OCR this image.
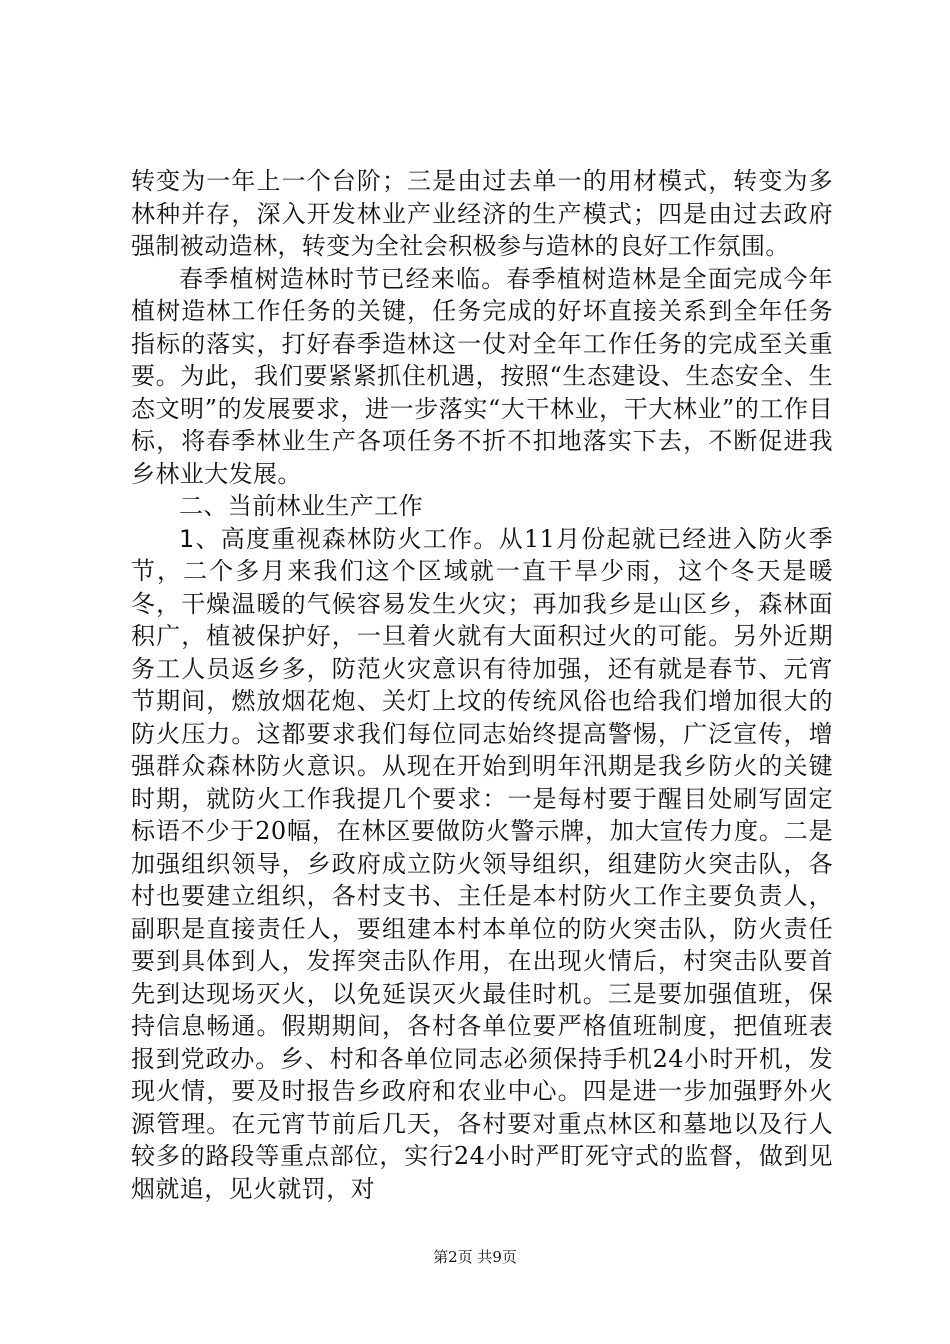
转变为一年上一个台阶；三是由过去单一的用材模式，转变为多林种并存，深入开发林业产业经济的生产模式；四是由过去政府强制被动造林，转变为全社会积极参与造林的良好工作氛围。

春季植树造林时节已经来临。春季植树造林是全面完成今年植树造林工作任务的关键，任务完成的好坏直接关系到全年任务指标的落实，打好春季造林这一仗对全年工作任务的完成至关重要。为此，我们要紧紧抓住机遇，按照“生态建设、生态安全、生态文明”的发展要求，进一步落实“大干林业，干大林业”的工作目标，将春季林业生产各项任务不折不扣地落实下去，不断促进我乡林业大发展。

二、当前林业生产工作

1、高度重视森林防火工作。从11月份起就已经进入防火季节，二个多月来我们这个区域就一直干旱少雨，这个冬天是暖冬，干燥温暖的气候容易发生火灾；再加我乡是山区乡，森林面积广，植被保护好，一旦着火就有大面积过火的可能。另外近期务工人员返乡多，防范火灾意识有待加强，还有就是春节、元宵节期间，燃放烟花炮、关灯上坟的传统风俗也给我们增加很大的防火压力。这都要求我们每位同志始终提高警惕，广泛宣传，增强群众森林防火意识。从现在开始到明年汛期是我乡防火的关键时期，就防火工作我提几个要求：一是每村要于醒目处刷写固定标语不少于20幅，在林区要做防火警示牌，加大宣传力度。二是加强组织领导，乡政府成立防火领导组织，组建防火突击队，各村也要建立组织，各村支书、主任是本村防火工作主要负责人，副职是直接责任人，要组建本村本单位的防火突击队，防火责任要到具体到人，发挥突击队作用，在出现火情后，村突击队要首先到达现场灭火，以免延误灭火最佳时机。三是要加强值班，保持信息畅通。假期期间，各村各单位要严格值班制度，把值班表报到党政办。乡、村和各单位同志必须保持手机24小时开机，发现火情，要及时报告乡政府和农业中心。四是进一步加强野外火源管理。在元宵节前后几天，各村要对重点林区和墓地以及行人较多的路段等重点部位，实行24小时严盯死守式的监督，做到见烟就追，见火就罚，对

第2页 共9页
